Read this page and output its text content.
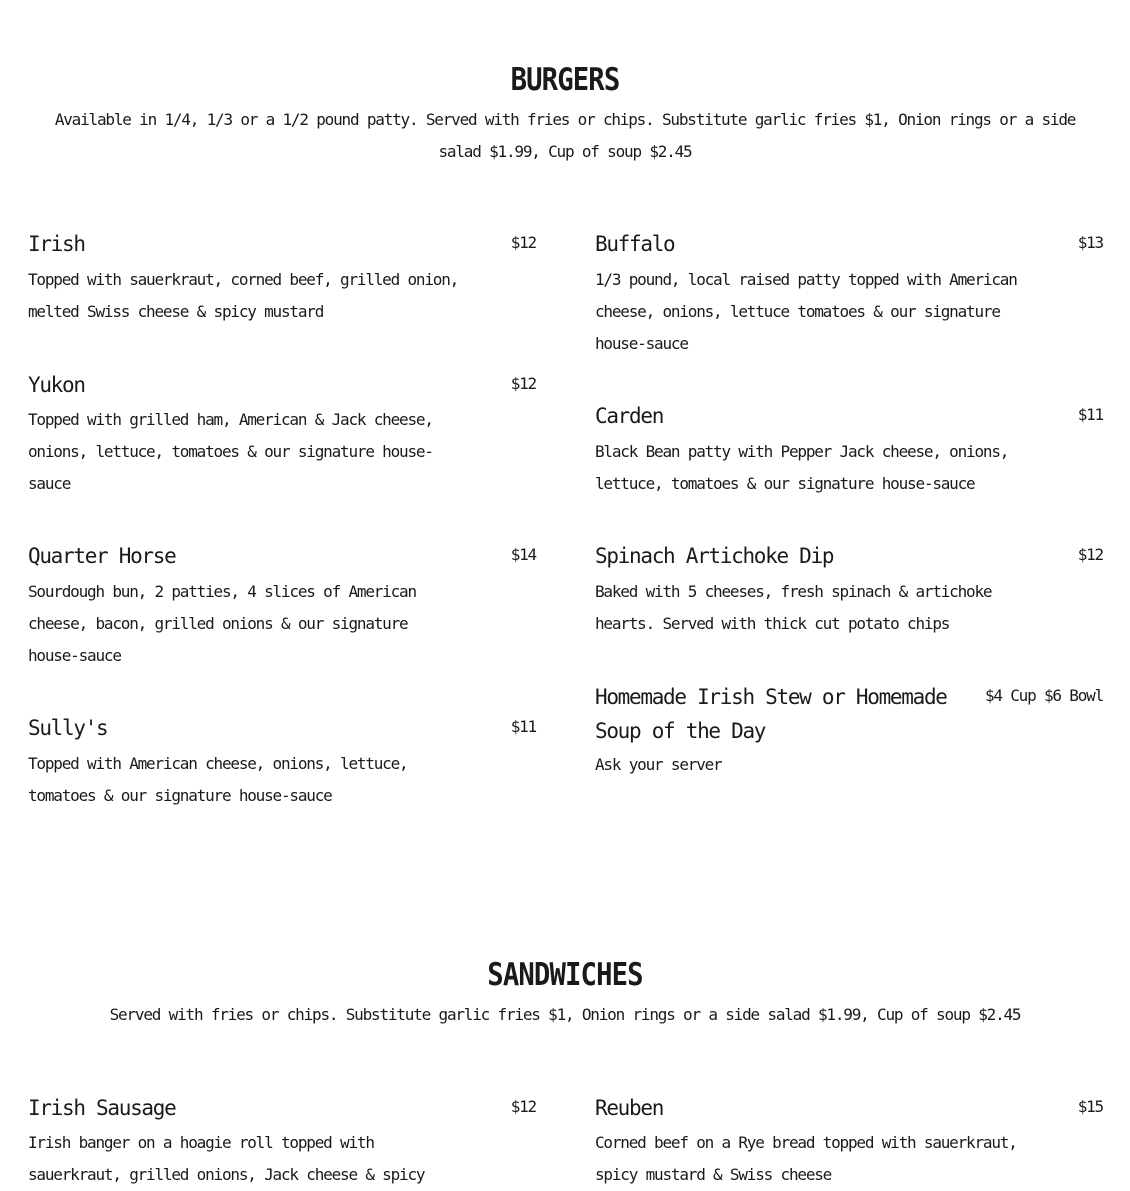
BURGERS

Available in 1/4, 1/3 or a 1/2 pound patty. Served with fries or chips. Substitute garlic fries $1, Onion rings or a side salad $1.99, Cup of soup $2.45

Irish	$12

Topped with sauerkraut, corned beef, grilled onion, melted Swiss cheese & spicy mustard

Yukon	$12

Topped with grilled ham, American & Jack cheese, onions, lettuce, tomatoes & our signature house-sauce

Quarter Horse	$14

Sourdough bun, 2 patties, 4 slices of American cheese, bacon, grilled onions & our signature house-sauce

Sully's	$11

Topped with American cheese, onions, lettuce, tomatoes & our signature house-sauce

Buffalo	$13

1/3 pound, local raised patty topped with American cheese, onions, lettuce tomatoes & our signature house-sauce

Carden	$11

Black Bean patty with Pepper Jack cheese, onions, lettuce, tomatoes & our signature house-sauce

Spinach Artichoke Dip	$12

Baked with 5 cheeses, fresh spinach & artichoke hearts. Served with thick cut potato chips

Homemade Irish Stew or Homemade Soup of the Day
$4 Cup $6 Bowl

Ask your server

SANDWICHES

Served with fries or chips. Substitute garlic fries $1, Onion rings or a side salad $1.99, Cup of soup $2.45

Irish Sausage	$12

Irish banger on a hoagie roll topped with sauerkraut, grilled onions, Jack cheese & spicy

Reuben	$15

Corned beef on a Rye bread topped with sauerkraut, spicy mustard & Swiss cheese
